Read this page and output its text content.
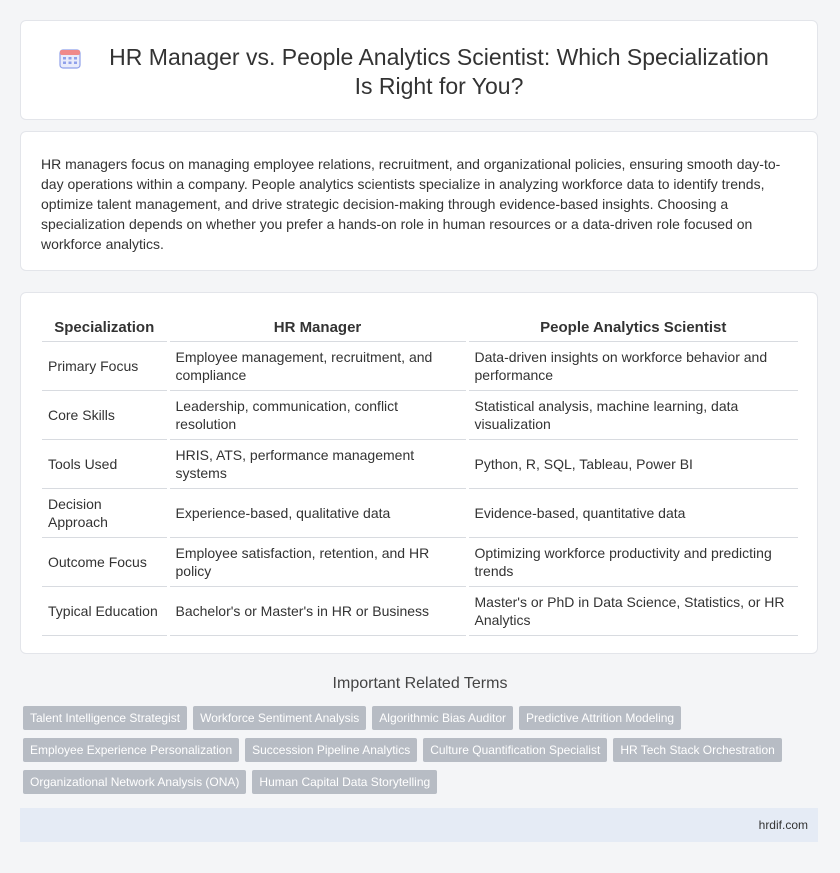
HR Manager vs. People Analytics Scientist: Which Specialization Is Right for You?

HR managers focus on managing employee relations, recruitment, and organizational policies, ensuring smooth day-to-day operations within a company. People analytics scientists specialize in analyzing workforce data to identify trends, optimize talent management, and drive strategic decision-making through evidence-based insights. Choosing a specialization depends on whether you prefer a hands-on role in human resources or a data-driven role focused on workforce analytics.

Specialization	HR Manager	People Analytics Scientist
Primary Focus	Employee management, recruitment, and compliance	Data-driven insights on workforce behavior and performance
Core Skills	Leadership, communication, conflict resolution	Statistical analysis, machine learning, data visualization
Tools Used	HRIS, ATS, performance management systems	Python, R, SQL, Tableau, Power BI
Decision Approach	Experience-based, qualitative data	Evidence-based, quantitative data
Outcome Focus	Employee satisfaction, retention, and HR policy	Optimizing workforce productivity and predicting trends
Typical Education	Bachelor's or Master's in HR or Business	Master's or PhD in Data Science, Statistics, or HR Analytics
Important Related Terms
Talent Intelligence Strategist Workforce Sentiment Analysis Algorithmic Bias Auditor Predictive Attrition Modeling
Employee Experience Personalization Succession Pipeline Analytics Culture Quantification Specialist HR Tech Stack Orchestration
Organizational Network Analysis (ONA) Human Capital Data Storytelling
hrdif.com
